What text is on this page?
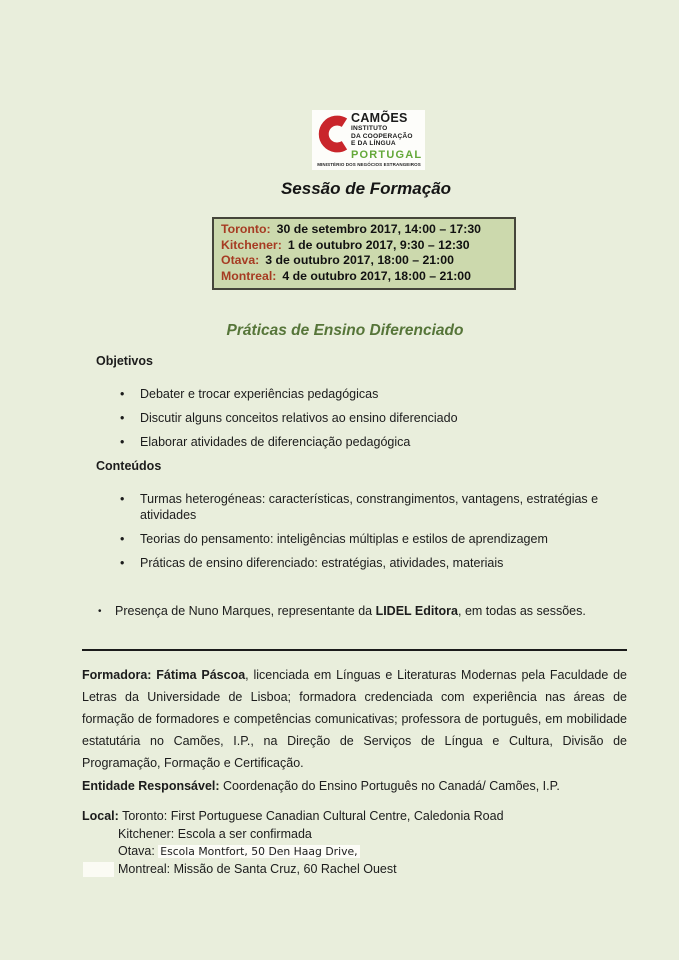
CAMÕES
INSTITUTO
DA COOPERAÇÃO
E DA LÍNGUA
PORTUGAL
MINISTÉRIO DOS NEGÓCIOS ESTRANGEIROS
Sessão de Formação
Toronto: 30 de setembro 2017, 14:00 – 17:30
Kitchener: 1 de outubro 2017, 9:30 – 12:30
Otava: 3 de outubro 2017, 18:00 – 21:00
Montreal: 4 de outubro 2017, 18:00 – 21:00
Práticas de Ensino Diferenciado
Objetivos
•	Debater e trocar experiências pedagógicas
•	Discutir alguns conceitos relativos ao ensino diferenciado
•	Elaborar atividades de diferenciação pedagógica
Conteúdos
•	Turmas heterogéneas: características, constrangimentos, vantagens, estratégias e atividades
•	Teorias do pensamento: inteligências múltiplas e estilos de aprendizagem
•	Práticas de ensino diferenciado: estratégias, atividades, materiais
•	Presença de Nuno Marques, representante da LIDEL Editora, em todas as sessões.

Formadora: Fátima Páscoa, licenciada em Línguas e Literaturas Modernas pela Faculdade de Letras da Universidade de Lisboa; formadora credenciada com experiência nas áreas de formação de formadores e competências comunicativas; professora de português, em mobilidade estatutária no Camões, I.P., na Direção de Serviços de Língua e Cultura, Divisão de Programação, Formação e Certificação.

Entidade Responsável: Coordenação do Ensino Português no Canadá/ Camões, I.P.

Local: Toronto: First Portuguese Canadian Cultural Centre, Caledonia Road
Kitchener: Escola a ser confirmada
Otava: Escola Montfort, 50 Den Haag Drive,
Montreal: Missão de Santa Cruz, 60 Rachel Ouest
